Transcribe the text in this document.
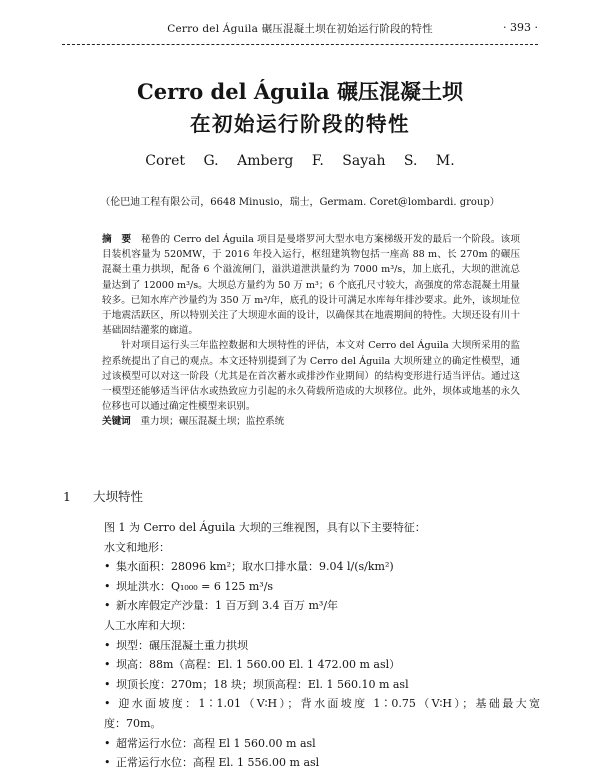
Cerro del Águila 碾压混凝土坝在初始运行阶段的特性	· 393 ·
Cerro del Águila 碾压混凝土坝
在初始运行阶段的特性
Coret G. Amberg F. Sayah S. M.
（伦巴迪工程有限公司，6648 Minusio，瑞士，Germam. Coret@lombardi. group）

摘　要　 秘鲁的 Cerro del Águila 项目是曼塔罗河大型水电方案梯级开发的最后一个阶段。该项目装机容量为 520MW，于 2016 年投入运行，枢纽建筑物包括一座高 88 m、长 270m 的碾压混凝土重力拱坝，配备 6 个溢流闸门，溢洪道泄洪量约为 7000 m³/s，加上底孔，大坝的泄流总量达到了 12000 m³/s。大坝总方量约为 50 万 m³；6 个底孔尺寸较大，高强度的常态混凝土用量较多。已知水库产沙量约为 350 万 m³/年，底孔的设计可满足水库每年排沙要求。此外，该坝址位于地震活跃区，所以特别关注了大坝迎水面的设计，以确保其在地震期间的特性。大坝还设有川十基础固结灌浆的廊道。

针对项目运行头三年监控数据和大坝特性的评估，本文对 Cerro del Águila 大坝所采用的监控系统提出了自己的观点。本文还特别提到了为 Cerro del Águila 大坝所建立的确定性模型，通过该模型可以对这一阶段（尤其是在首次蓄水或排沙作业期间）的结构变形进行适当评估。通过这一模型还能够适当评估水或热致应力引起的永久荷载所造成的大坝移位。此外，坝体或地基的永久位移也可以通过确定性模型来识别。

关键词　 重力坝；碾压混凝土坝；监控系统

1 大坝特性

图 1 为 Cerro del Águila 大坝的三维视图，具有以下主要特征：

水文和地形：

• 集水面积：28096 km²；取水口排水量：9.04 l/(s/km²)

• 坝址洪水：Q₁₀₀₀ = 6 125 m³/s

• 新水库假定产沙量：1 百万到 3.4 百万 m³/年

人工水库和大坝：

• 坝型：碾压混凝土重力拱坝

• 坝高：88m（高程：El. 1 560.00 El. 1 472.00 m asl）

• 坝顶长度：270m；18 块；坝顶高程：El. 1 560.10 m asl

• 迎水面坡度：1∶1.01（V∶H）；背水面坡度 1∶0.75（V∶H）；基础最大宽
度：70m。

• 超常运行水位：高程 El 1 560.00 m asl

• 正常运行水位：高程 El. 1 556.00 m asl
